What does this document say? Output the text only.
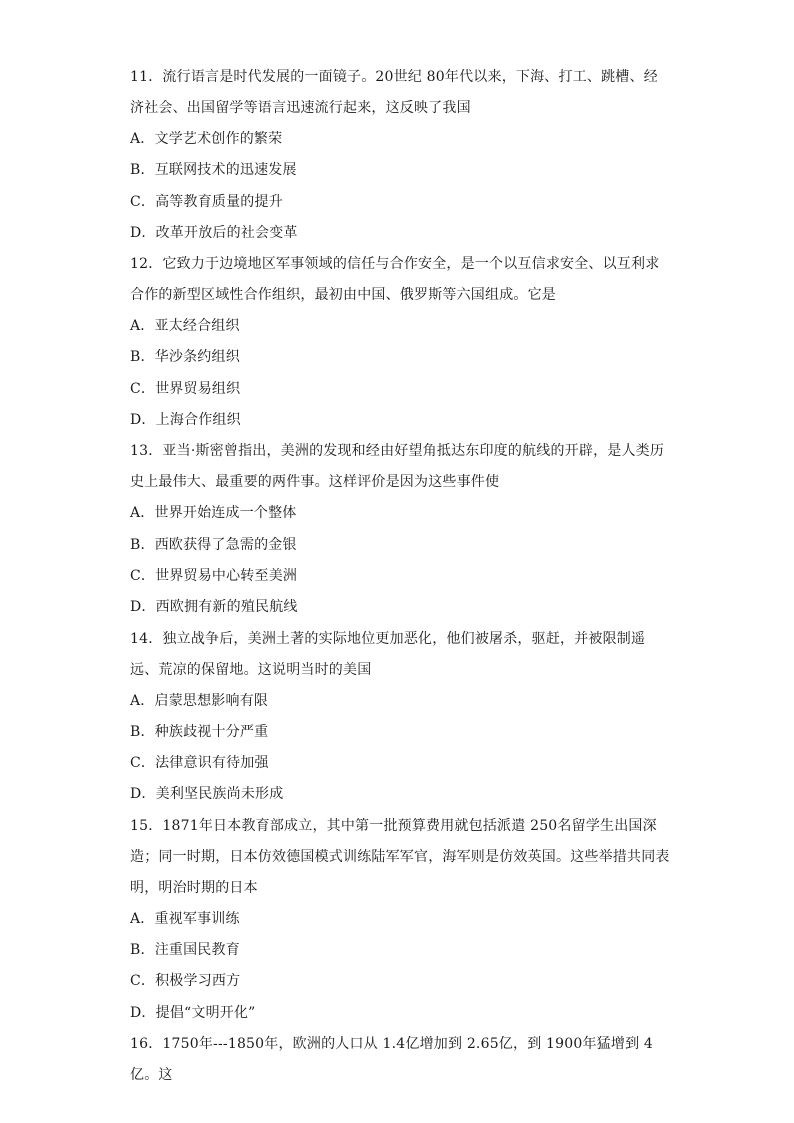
11．流行语言是时代发展的一面镜子。20世纪 80年代以来，下海、打工、跳槽、经济社会、出国留学等语言迅速流行起来，这反映了我国

A．文学艺术创作的繁荣

B．互联网技术的迅速发展

C．高等教育质量的提升

D．改革开放后的社会变革

12．它致力于边境地区军事领域的信任与合作安全，是一个以互信求安全、以互利求合作的新型区域性合作组织，最初由中国、俄罗斯等六国组成。它是

A．亚太经合组织

B．华沙条约组织

C．世界贸易组织

D．上海合作组织

13．亚当·斯密曾指出，美洲的发现和经由好望角抵达东印度的航线的开辟，是人类历史上最伟大、最重要的两件事。这样评价是因为这些事件使

A．世界开始连成一个整体

B．西欧获得了急需的金银

C．世界贸易中心转至美洲

D．西欧拥有新的殖民航线

14．独立战争后，美洲土著的实际地位更加恶化，他们被屠杀，驱赶，并被限制遥远、荒凉的保留地。这说明当时的美国

A．启蒙思想影响有限

B．种族歧视十分严重

C．法律意识有待加强

D．美利坚民族尚未形成

15．1871年日本教育部成立，其中第一批预算费用就包括派遣 250名留学生出国深造；同一时期，日本仿效德国模式训练陆军军官，海军则是仿效英国。这些举措共同表明，明治时期的日本

A．重视军事训练

B．注重国民教育

C．积极学习西方

D．提倡“文明开化”

16．1750年---1850年，欧洲的人口从 1.4亿增加到 2.65亿，到 1900年猛增到 4亿。这
